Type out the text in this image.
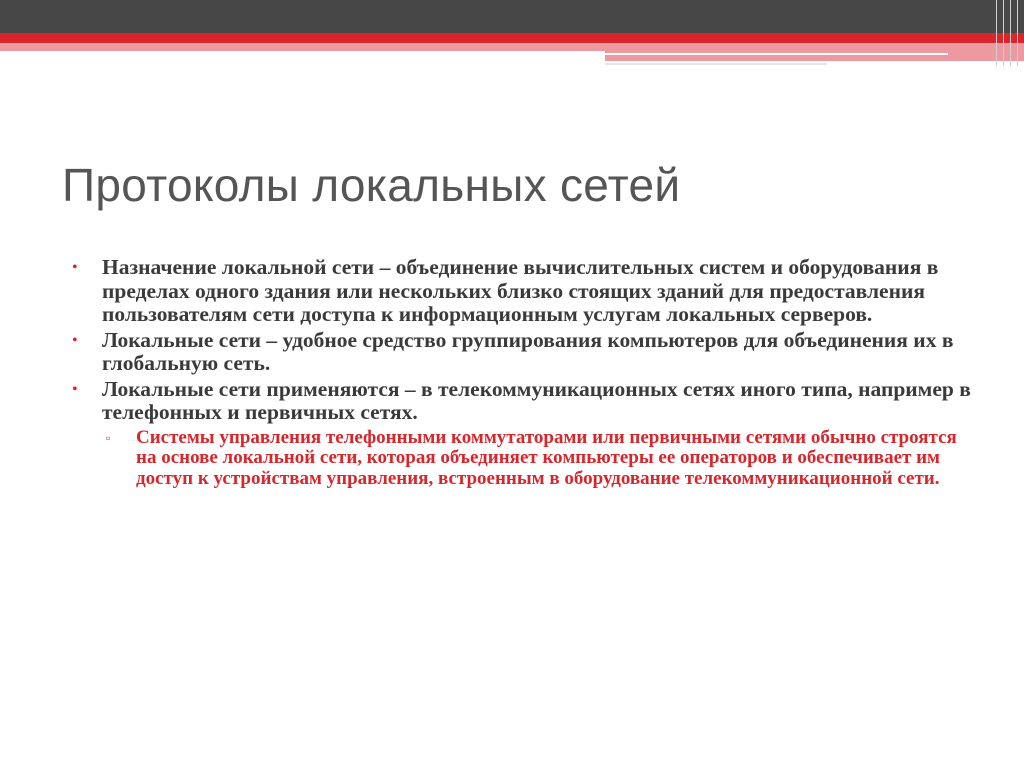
Протоколы локальных сетей
• Назначение локальной сети – объединение вычислительных систем и оборудования в пределах одного здания или нескольких близко стоящих зданий для предоставления пользователям сети доступа к информационным услугам локальных серверов.
• Локальные сети – удобное средство группирования компьютеров для объединения их в глобальную сеть.
• Локальные сети применяются – в телекоммуникационных сетях иного типа, например в телефонных и первичных сетях.
▫ Системы управления телефонными коммутаторами или первичными сетями обычно строятся на основе локальной сети, которая объединяет компьютеры ее операторов и обеспечивает им доступ к устройствам управления, встроенным в оборудование телекоммуникационной сети.
